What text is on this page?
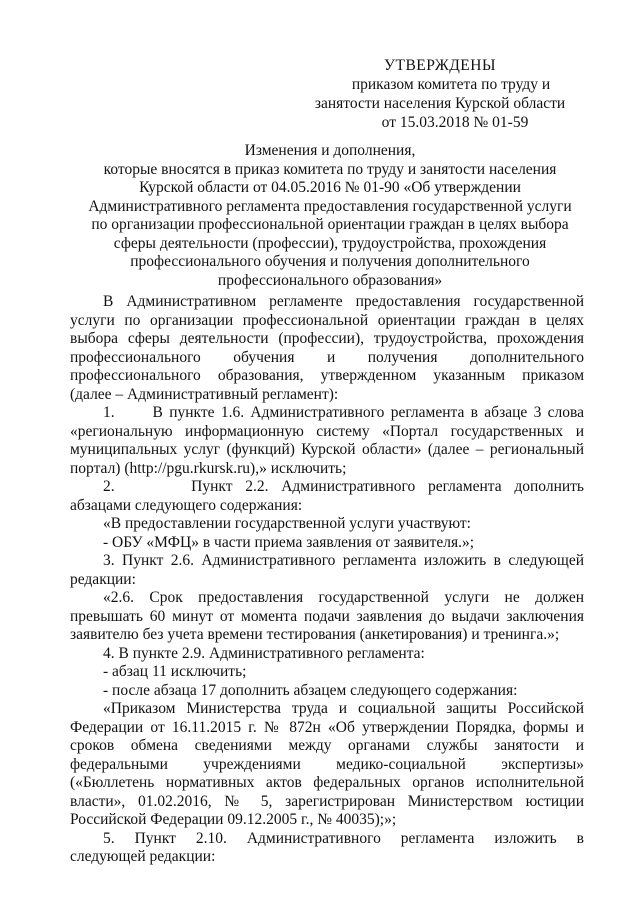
УТВЕРЖДЕНЫ
приказом комитета по труду и
занятости населения Курской области
от 15.03.2018 № 01-59
Изменения и дополнения,
которые вносятся в приказ комитета по труду и занятости населения
Курской области от 04.05.2016 № 01-90 «Об утверждении
Административного регламента предоставления государственной услуги
по организации профессиональной ориентации граждан в целях выбора
сферы деятельности (профессии), трудоустройства, прохождения
профессионального обучения и получения дополнительного
профессионального образования»
В Административном регламенте предоставления государственной
услуги по организации профессиональной ориентации граждан в целях
выбора сферы деятельности (профессии), трудоустройства, прохождения
профессионального обучения и получения дополнительного
профессионального образования, утвержденном указанным приказом
(далее – Административный регламент):
1.      В пункте 1.6. Административного регламента в абзаце 3 слова
«региональную информационную систему «Портал государственных и
муниципальных услуг (функций) Курской области» (далее – региональный
портал) (http://pgu.rkursk.ru),» исключить;
2.      Пункт 2.2. Административного регламента дополнить
абзацами следующего содержания:
«В предоставлении государственной услуги участвуют:
- ОБУ «МФЦ» в части приема заявления от заявителя.»;
3. Пункт 2.6. Административного регламента изложить в следующей
редакции:
«2.6. Срок предоставления государственной услуги не должен
превышать 60 минут от момента подачи заявления до выдачи заключения
заявителю без учета времени тестирования (анкетирования) и тренинга.»;
4. В пункте 2.9. Административного регламента:
- абзац 11 исключить;
- после абзаца 17 дополнить абзацем следующего содержания:
«Приказом Министерства труда и социальной защиты Российской
Федерации от 16.11.2015 г. № 872н «Об утверждении Порядка, формы и
сроков обмена сведениями между органами службы занятости и
федеральными учреждениями медико-социальной экспертизы»
(«Бюллетень нормативных актов федеральных органов исполнительной
власти», 01.02.2016, № 5, зарегистрирован Министерством юстиции
Российской Федерации 09.12.2005 г., № 40035);»;
5. Пункт 2.10. Административного регламента изложить в
следующей редакции:
